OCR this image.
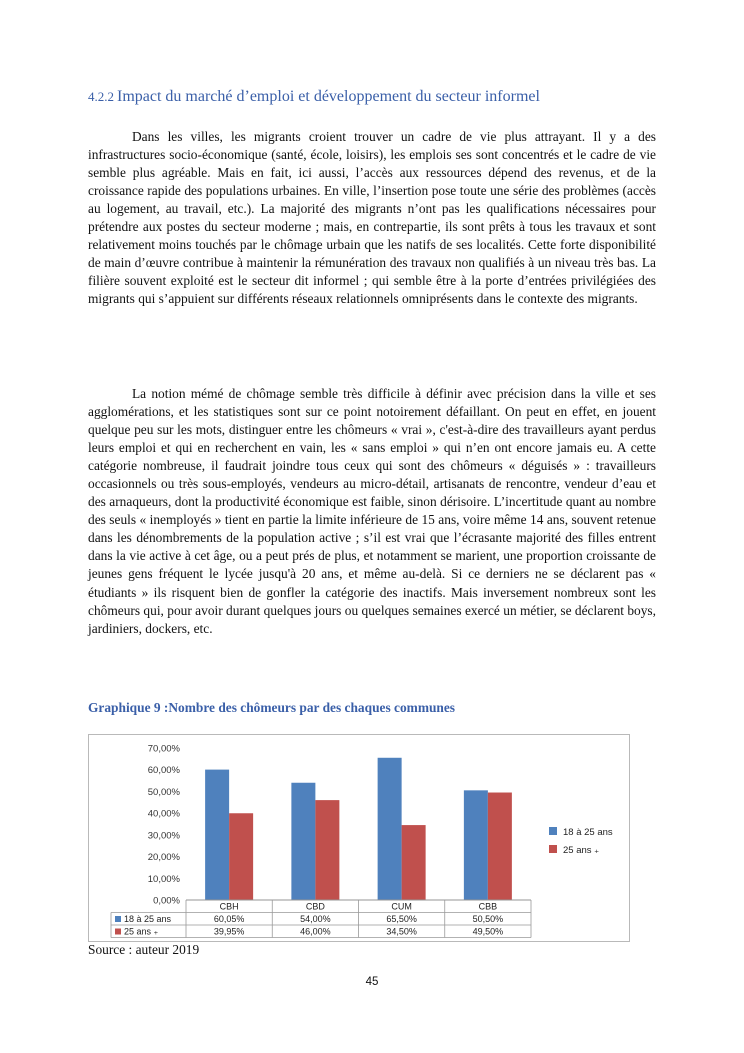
4.2.2 Impact du marché d’emploi et développement du secteur informel

Dans les villes, les migrants croient trouver un cadre de vie plus attrayant. Il y a des infrastructures socio-économique (santé, école, loisirs), les emplois ses sont concentrés et le cadre de vie semble plus agréable. Mais en fait, ici aussi, l’accès aux ressources dépend des revenus, et de la croissance rapide des populations urbaines. En ville, l’insertion pose toute une série des problèmes (accès au logement, au travail, etc.). La majorité des migrants n’ont pas les qualifications nécessaires pour prétendre aux postes du secteur moderne ; mais, en contrepartie, ils sont prêts à tous les travaux et sont relativement moins touchés par le chômage urbain que les natifs de ses localités. Cette forte disponibilité de main d’œuvre contribue à maintenir la rémunération des travaux non qualifiés à un niveau très bas. La filière souvent exploité est le secteur dit informel ; qui semble être à la porte d’entrées privilégiées des migrants qui s’appuient sur différents réseaux relationnels omniprésents dans le contexte des migrants.

La notion mémé de chômage semble très difficile à définir avec précision dans la ville et ses agglomérations, et les statistiques sont sur ce point notoirement défaillant. On peut en effet, en jouent quelque peu sur les mots, distinguer entre les chômeurs « vrai », c'est-à-dire des travailleurs ayant perdus leurs emploi et qui en recherchent en vain, les « sans emploi » qui n’en ont encore jamais eu. A cette catégorie nombreuse, il faudrait joindre tous ceux qui sont des chômeurs « déguisés » : travailleurs occasionnels ou très sous-employés, vendeurs au micro-détail, artisanats de rencontre, vendeur d’eau et des arnaqueurs, dont la productivité économique est faible, sinon dérisoire. L’incertitude quant au nombre des seuls « inemployés » tient en partie la limite inférieure de 15 ans, voire même 14 ans, souvent retenue dans les dénombrements de la population active ; s’il est vrai que l’écrasante majorité des filles entrent dans la vie active à cet âge, ou a peut prés de plus, et notamment se marient, une proportion croissante de jeunes gens fréquent le lycée jusqu'à 20 ans, et même au-delà. Si ce derniers ne se déclarent pas « étudiants » ils risquent bien de gonfler la catégorie des inactifs. Mais inversement nombreux sont les chômeurs qui, pour avoir durant quelques jours ou quelques semaines exercé un métier, se déclarent boys, jardiniers, dockers, etc.

Graphique 9 :Nombre des chômeurs par des chaques communes
0,00%
10,00%
20,00%
30,00%
40,00%
50,00%
60,00%
70,00%
CBH	CBD	CUM	CBB
18 à 25 ans	60,05%	54,00%	65,50%	50,50%
25 ans ₊	39,95%	46,00%	34,50%	49,50%
18 à 25 ans
25 ans ₊
Source : auteur 2019
45
